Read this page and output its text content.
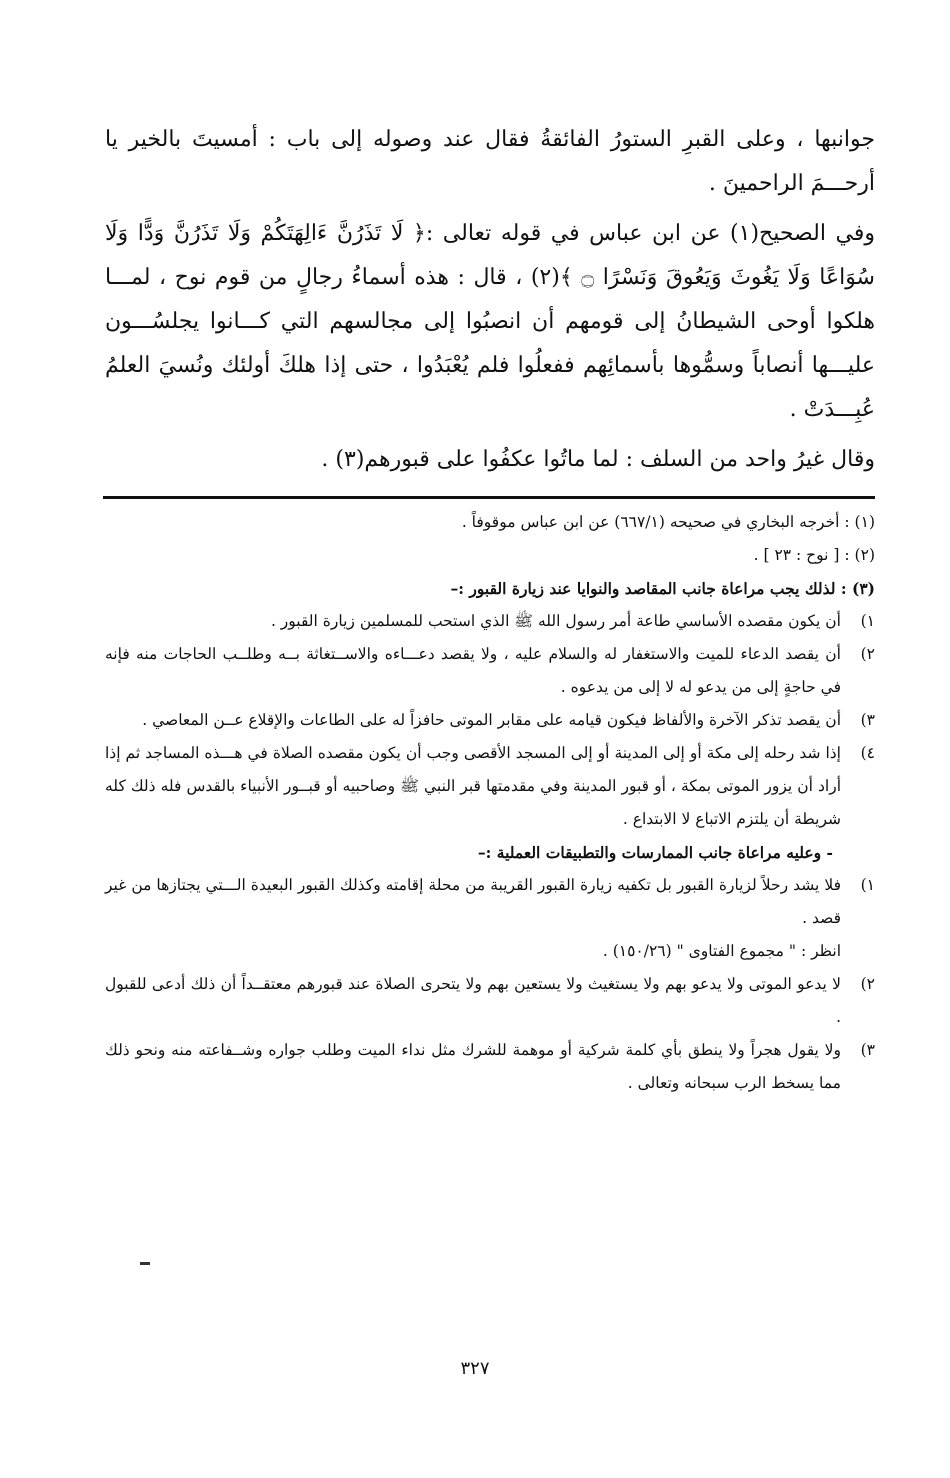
جوانبها ، وعلى القبرِ الستورُ الفائقةُ فقال عند وصوله إلى باب : أمسيتَ بالخير يا أرحـــمَ الراحمينَ .

وفي الصحيح(١) عن ابن عباس في قوله تعالى :﴿ لَا تَذَرُنَّ ءَالِهَتَكُمْ وَلَا تَذَرُنَّ وَدًّا وَلَا سُوَاعًا وَلَا يَغُوثَ وَيَعُوقَ وَنَسْرًا ۝ ﴾(٢) ، قال : هذه أسماءُ رجالٍ من قوم نوح ، لمـــا هلكوا أوحى الشيطانُ إلى قومهم أن انصبُوا إلى مجالسهم التي كـــانوا يجلسُـــون عليـــها أنصاباً وسمُّوها بأسمائِهم ففعلُوا فلم يُعْبَدُوا ، حتى إذا هلكَ أولئك ونُسيَ العلمُ عُبِـــدَتْ .

وقال غيرُ واحد من السلف : لما ماتُوا عكفُوا على قبورهم(٣) .

(١) : أخرجه البخاري في صحيحه (٦٦٧/١) عن ابن عباس موقوفاً .

(٢) : [ نوح : ٢٣ ] .

(٣) : لذلك يجب مراعاة جانب المقاصد والنوايا عند زيارة القبور :–

١)
أن يكون مقصده الأساسي طاعة أمر رسول الله ﷺ الذي استحب للمسلمين زيارة القبور .
٢)
أن يقصد الدعاء للميت والاستغفار له والسلام عليه ، ولا يقصد دعـــاءه والاســتغاثة بــه وطلــب الحاجات منه فإنه في حاجةٍ إلى من يدعو له لا إلى من يدعوه .
٣)
أن يقصد تذكر الآخرة والألفاظ فيكون قيامه على مقابر الموتى حافزاً له على الطاعات والإقلاع عــن المعاصي .
٤)
إذا شد رحله إلى مكة أو إلى المدينة أو إلى المسجد الأقصى وجب أن يكون مقصده الصلاة في هـــذه المساجد ثم إذا أراد أن يزور الموتى بمكة ، أو قبور المدينة وفي مقدمتها قبر النبي ﷺ وصاحبيه أو قبــور الأنبياء بالقدس فله ذلك كله شريطة أن يلتزم الاتباع لا الابتداع .

- وعليه مراعاة جانب الممارسات والتطبيقات العملية :–

١)
فلا يشد رحلاً لزيارة القبور بل تكفيه زيارة القبور القريبة من محلة إقامته وكذلك القبور البعيدة الـــتي يجتازها من غير قصد .

انظر : " مجموع الفتاوى " (١٥٠/٢٦) .

٢)
لا يدعو الموتى ولا يدعو بهم ولا يستغيث ولا يستعين بهم ولا يتحرى الصلاة عند قبورهم معتقــداً أن ذلك أدعى للقبول .
٣)
ولا يقول هجراً ولا ينطق بأي كلمة شركية أو موهمة للشرك مثل نداء الميت وطلب جواره وشــفاعته منه ونحو ذلك مما يسخط الرب سبحانه وتعالى .
٣٢٧
